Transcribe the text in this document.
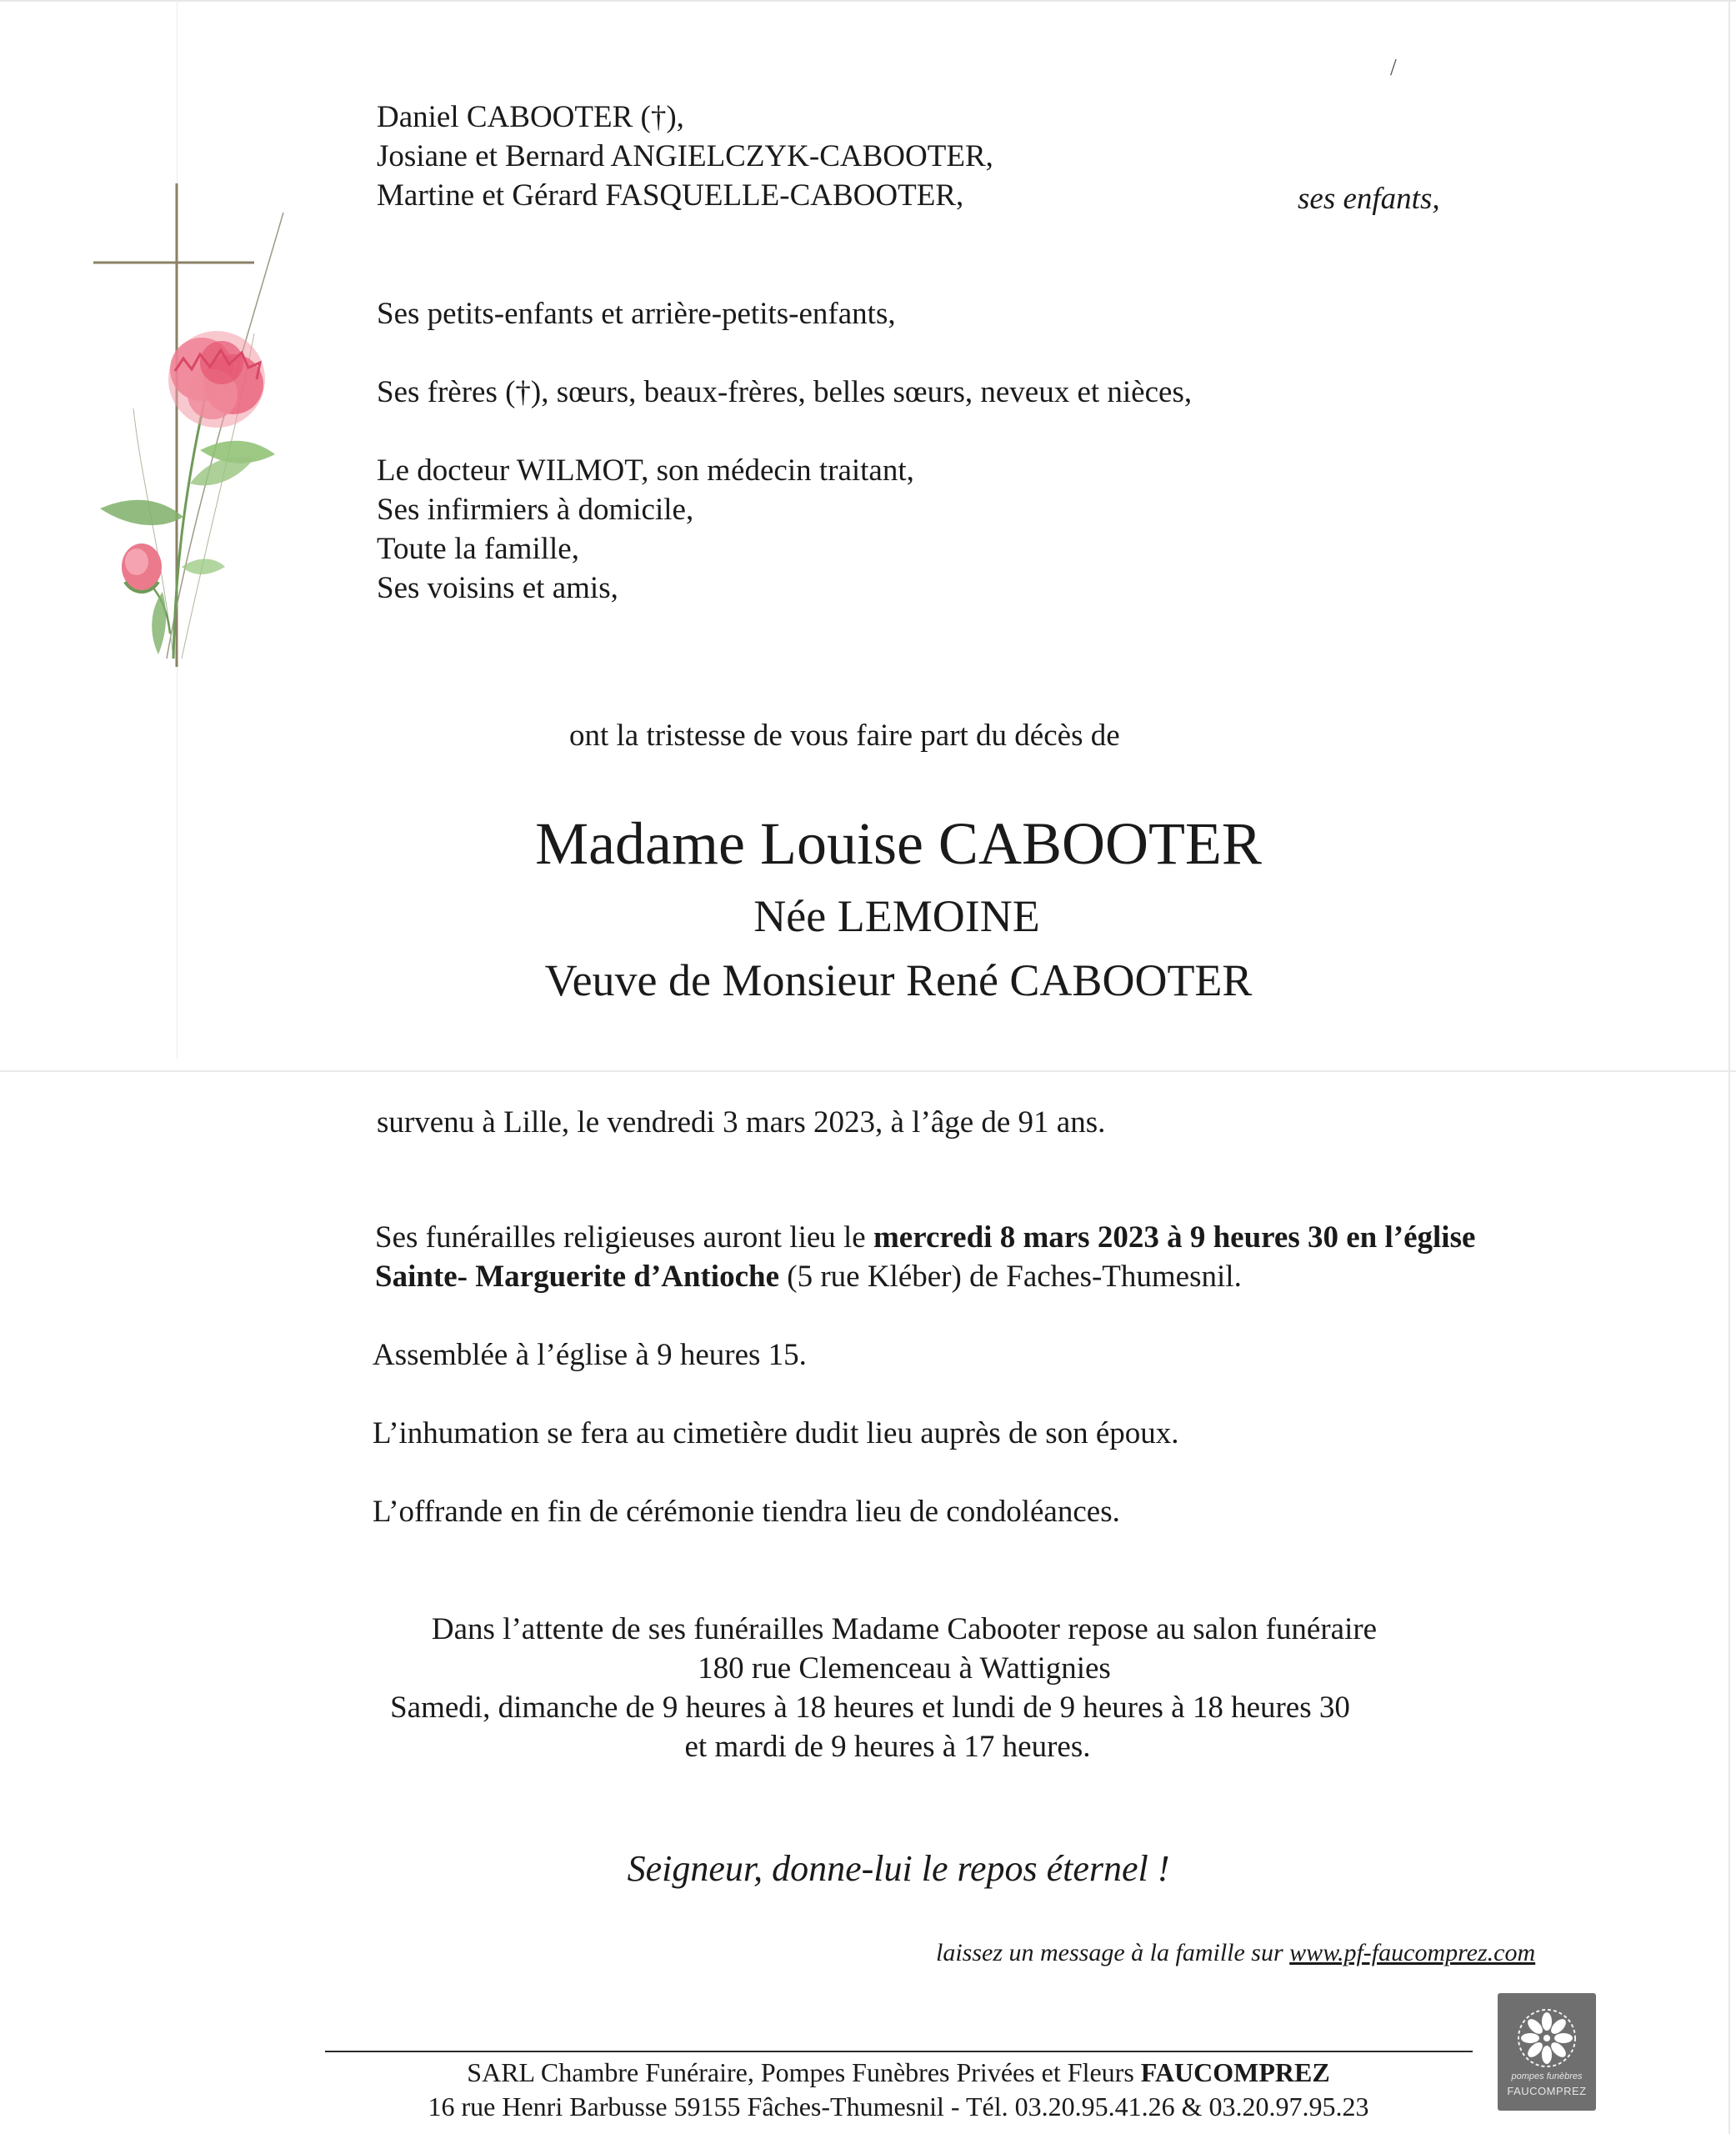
Daniel CABOOTER (†),
Josiane et Bernard ANGIELCZYK-CABOOTER,
Martine et Gérard FASQUELLE-CABOOTER,	ses enfants,
Ses petits-enfants et arrière-petits-enfants,
Ses frères (†), sœurs, beaux-frères, belles sœurs, neveux et nièces,
Le docteur WILMOT, son médecin traitant,
Ses infirmiers à domicile,
Toute la famille,
Ses voisins et amis,
ont la tristesse de vous faire part du décès de
Madame Louise CABOOTER
Née LEMOINE
Veuve de Monsieur René CABOOTER
survenu à Lille, le vendredi 3 mars 2023, à l’âge de 91 ans.
Ses funérailles religieuses auront lieu le mercredi 8 mars 2023 à 9 heures 30 en l’église
Sainte- Marguerite d’Antioche (5 rue Kléber) de Faches-Thumesnil.
Assemblée à l’église à 9 heures 15.
L’inhumation se fera au cimetière dudit lieu auprès de son époux.
L’offrande en fin de cérémonie tiendra lieu de condoléances.
Dans l’attente de ses funérailles Madame Cabooter repose au salon funéraire
180 rue Clemenceau à Wattignies
Samedi, dimanche de 9 heures à 18 heures et lundi de 9 heures à 18 heures 30
et mardi de 9 heures à 17 heures.
Seigneur, donne-lui le repos éternel !
laissez un message à la famille sur www.pf-faucomprez.com
pompes funèbres
FAUCOMPREZ
SARL Chambre Funéraire, Pompes Funèbres Privées et Fleurs FAUCOMPREZ
16 rue Henri Barbusse 59155 Fâches-Thumesnil - Tél. 03.20.95.41.26 & 03.20.97.95.23
/
